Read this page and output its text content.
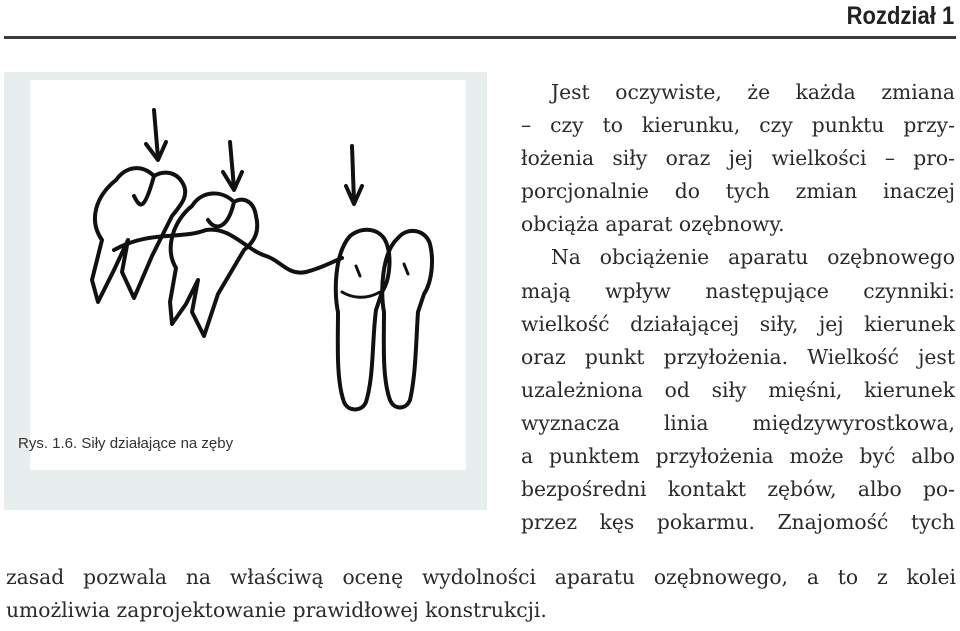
Rozdział 1
Rys. 1.6. Siły działające na zęby
Jest oczywiste, że każda zmiana
– czy to kierunku, czy punktu przy-
łożenia siły oraz jej wielkości – pro-
porcjonalnie do tych zmian inaczej
obciąża aparat ozębnowy.
Na obciążenie aparatu ozębnowego
mają wpływ następujące czynniki:
wielkość działającej siły, jej kierunek
oraz punkt przyłożenia. Wielkość jest
uzależniona od siły mięśni, kierunek
wyznacza linia międzywyrostkowa,
a punktem przyłożenia może być albo
bezpośredni kontakt zębów, albo po-
przez kęs pokarmu. Znajomość tych
zasad pozwala na właściwą ocenę wydolności aparatu ozębnowego, a to z kolei
umożliwia zaprojektowanie prawidłowej konstrukcji.
